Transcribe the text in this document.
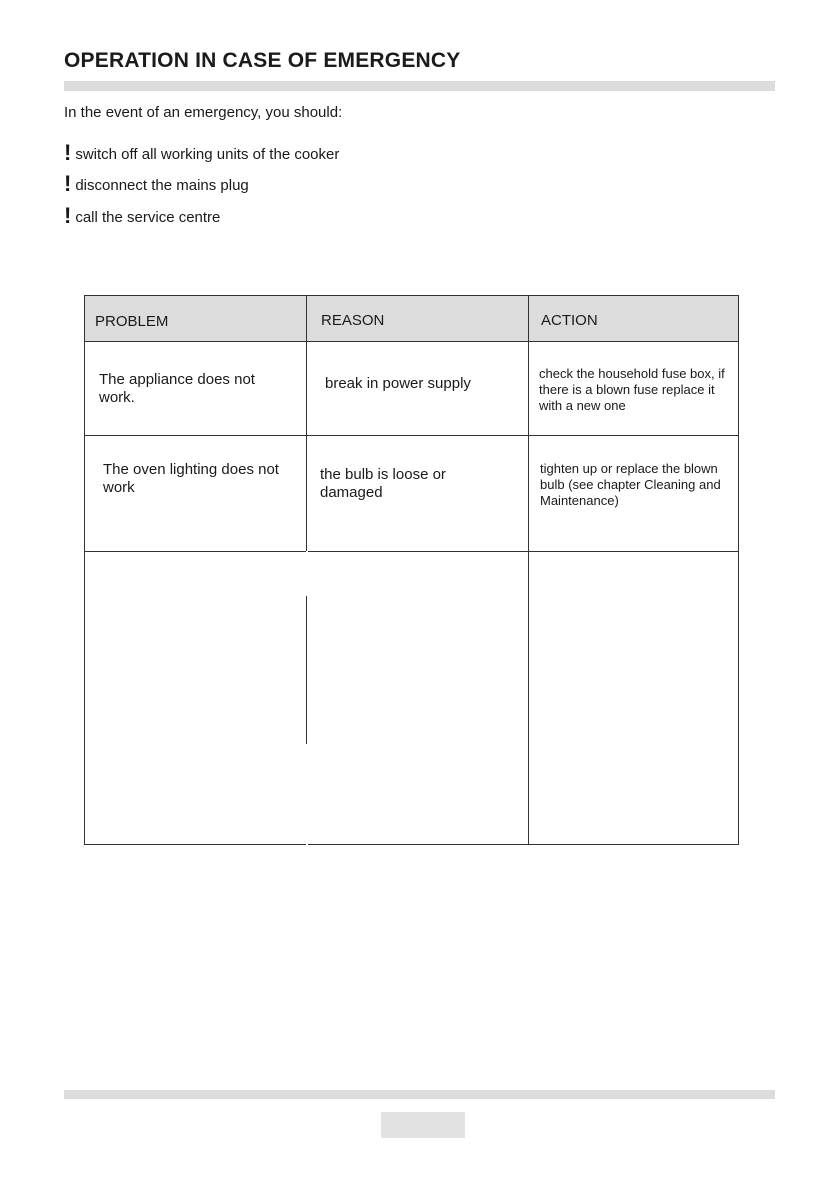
OPERATION IN CASE OF EMERGENCY
In the event of an emergency, you should:
! switch off all working units of the cooker
! disconnect the mains plug
! call the service centre
PROBLEM	REASON	ACTION
The appliance does not work.
break in power supply
check the household fuse box, if there is a blown fuse replace it with a new one
The oven lighting does not work
the bulb is loose or damaged
tighten up or replace the blown bulb (see chapter Cleaning and Maintenance)
